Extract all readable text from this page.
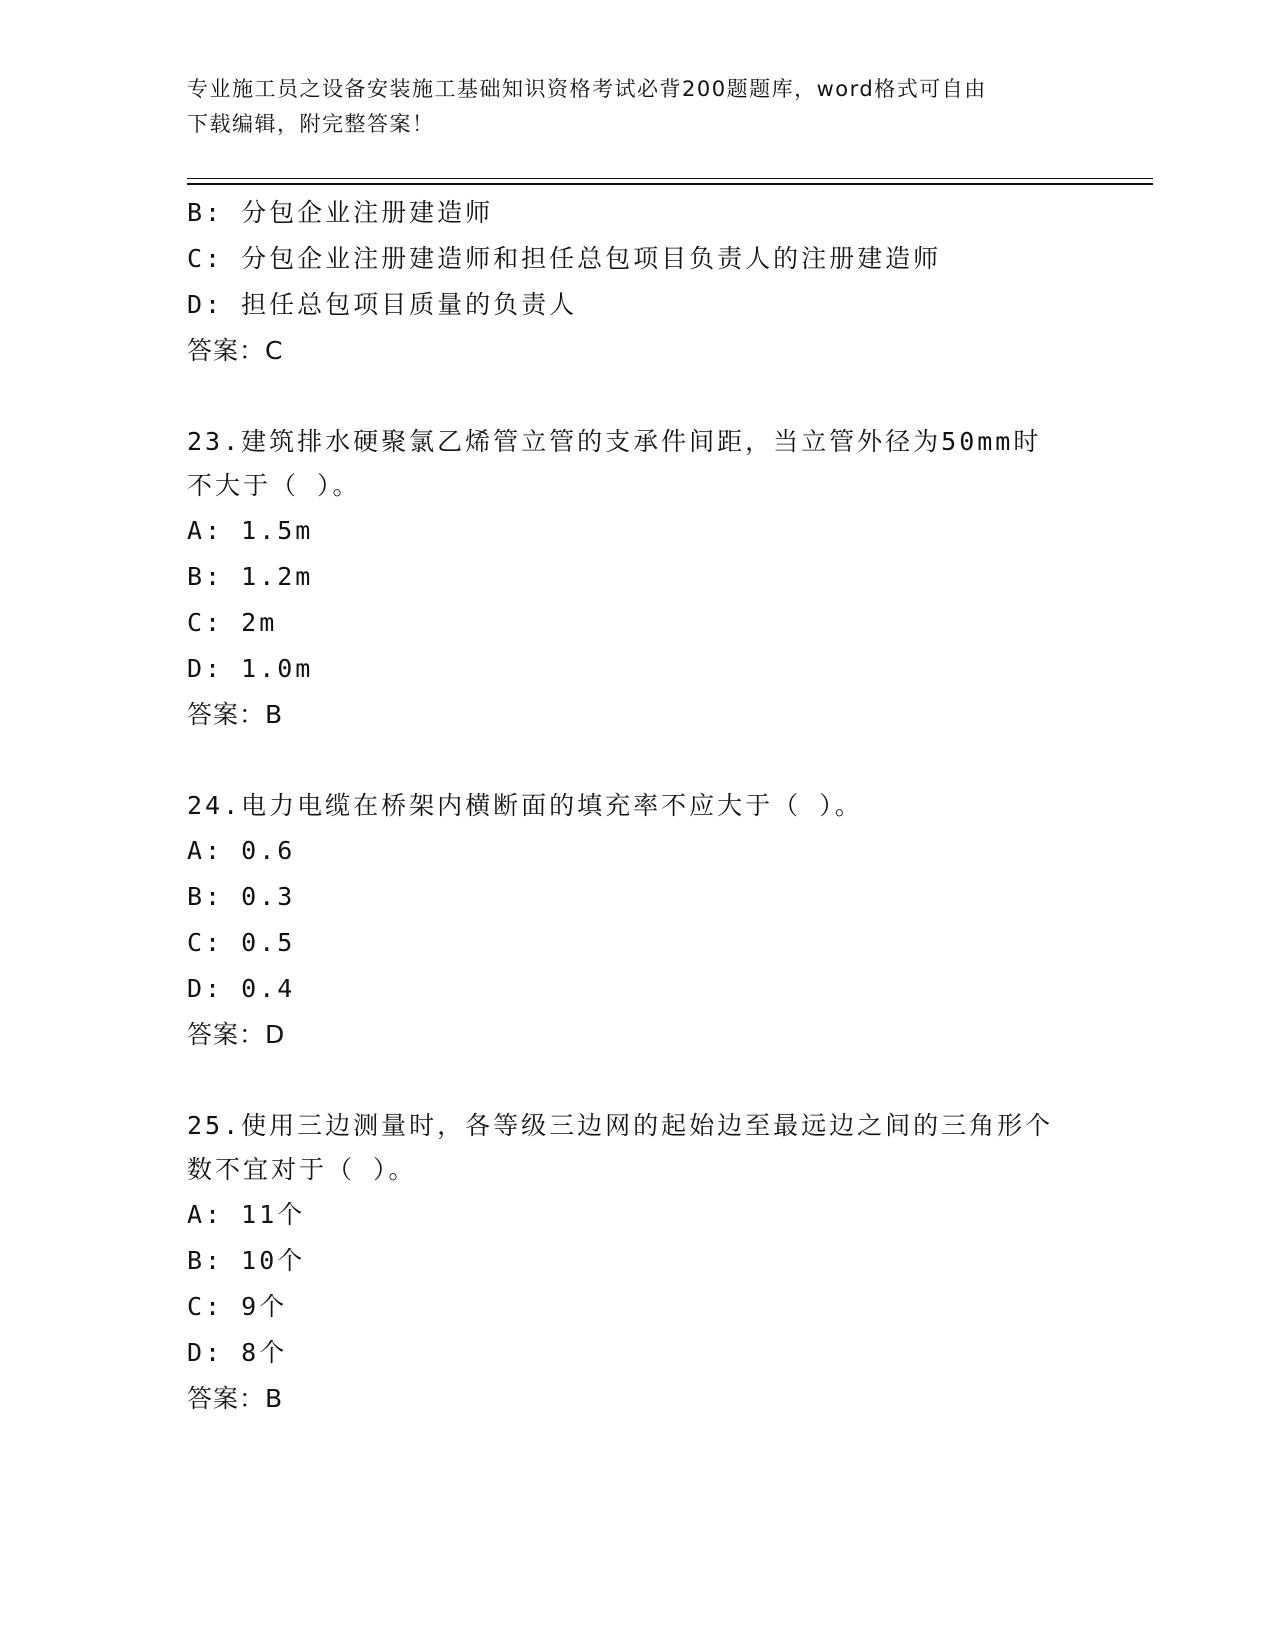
专业施工员之设备安装施工基础知识资格考试必背200题题库，word格式可自由
下载编辑，附完整答案！
B: 分包企业注册建造师
C: 分包企业注册建造师和担任总包项目负责人的注册建造师
D: 担任总包项目质量的负责人
答案：C
23.建筑排水硬聚氯乙烯管立管的支承件间距，当立管外径为50mm时
不大于（ ）。
A: 1.5m
B: 1.2m
C: 2m
D: 1.0m
答案：B
24.电力电缆在桥架内横断面的填充率不应大于（ ）。
A: 0.6
B: 0.3
C: 0.5
D: 0.4
答案：D
25.使用三边测量时，各等级三边网的起始边至最远边之间的三角形个
数不宜对于（ ）。
A: 11个
B: 10个
C: 9个
D: 8个
答案：B
